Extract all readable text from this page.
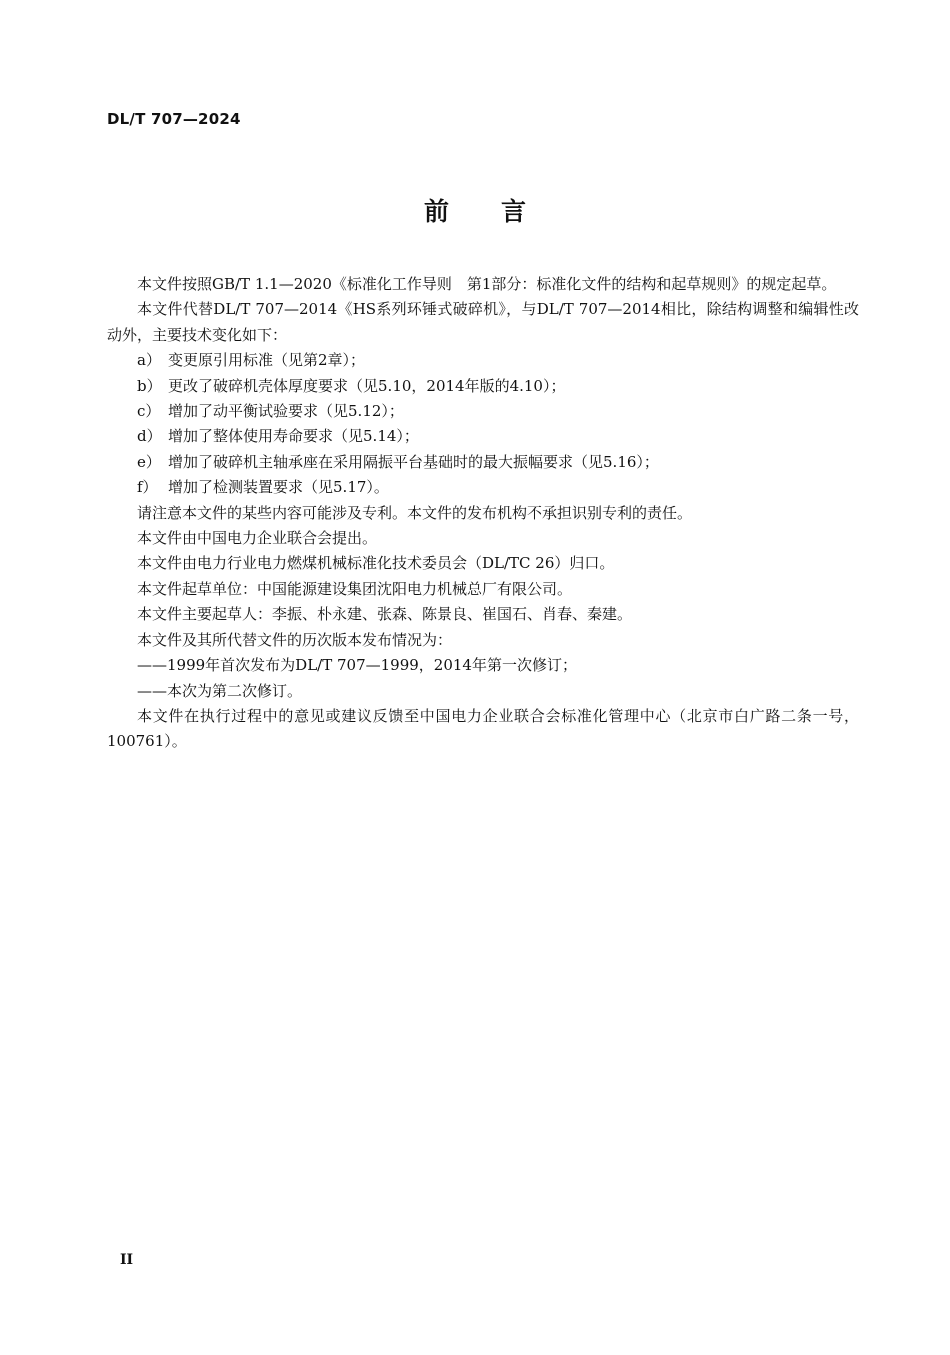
DL/T 707—2024
前言

本文件按照GB/T 1.1—2020《标准化工作导则　第1部分：标准化文件的结构和起草规则》的规定起草。

本文件代替DL/T 707—2014《HS系列环锤式破碎机》，与DL/T 707—2014相比，除结构调整和编辑性改动外，主要技术变化如下：

a） 变更原引用标准（见第2章）；

b） 更改了破碎机壳体厚度要求（见5.10，2014年版的4.10）；

c） 增加了动平衡试验要求（见5.12）；

d） 增加了整体使用寿命要求（见5.14）；

e） 增加了破碎机主轴承座在采用隔振平台基础时的最大振幅要求（见5.16）；

f） 增加了检测装置要求（见5.17）。

请注意本文件的某些内容可能涉及专利。本文件的发布机构不承担识别专利的责任。

本文件由中国电力企业联合会提出。

本文件由电力行业电力燃煤机械标准化技术委员会（DL/TC 26）归口。

本文件起草单位：中国能源建设集团沈阳电力机械总厂有限公司。

本文件主要起草人：李振、朴永建、张森、陈景良、崔国石、肖春、秦建。

本文件及其所代替文件的历次版本发布情况为：

——1999年首次发布为DL/T 707—1999，2014年第一次修订；

——本次为第二次修订。

本文件在执行过程中的意见或建议反馈至中国电力企业联合会标准化管理中心（北京市白广路二条一号，100761）。

II
